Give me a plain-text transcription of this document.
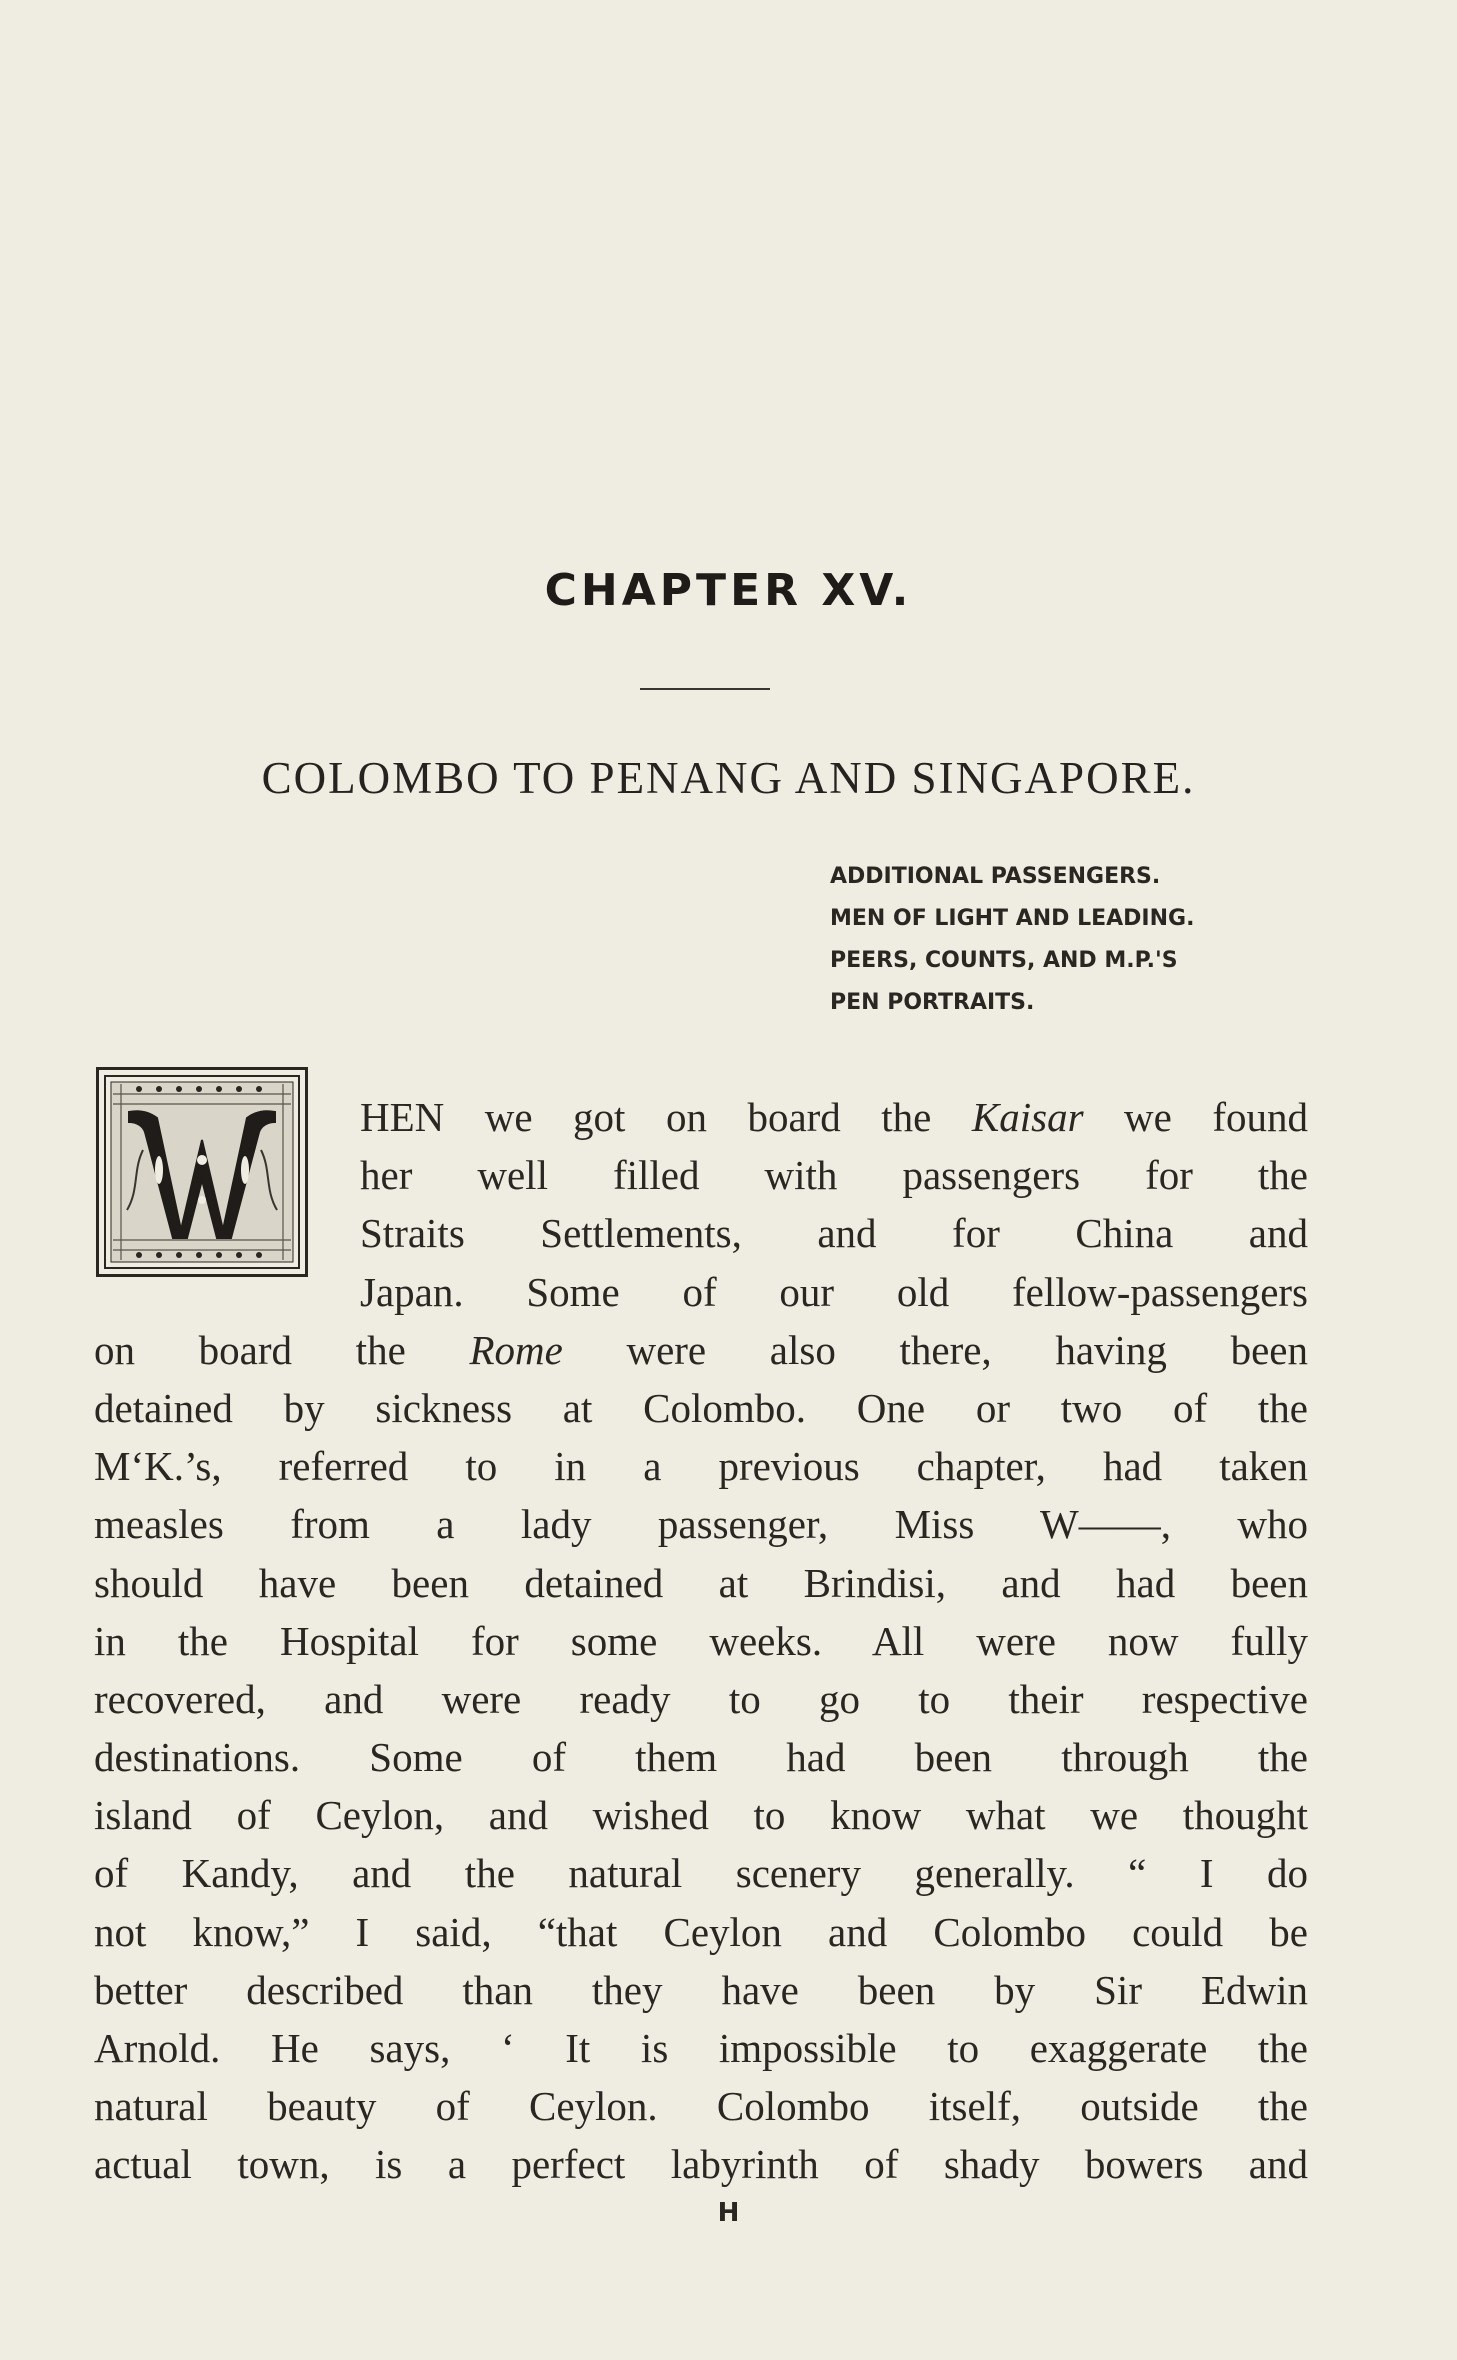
CHAPTER XV.
COLOMBO TO PENANG AND SINGAPORE.
ADDITIONAL PASSENGERS.
MEN OF LIGHT AND LEADING.
PEERS, COUNTS, AND M.P.'S
PEN PORTRAITS.
HEN we got on board the Kaisar we found
her well filled with passengers for the
Straits Settlements, and for China and
Japan. Some of our old fellow-passengers
on board the Rome were also there, having been
detained by sickness at Colombo. One or two of the
M‘K.’s, referred to in a previous chapter, had taken
measles from a lady passenger, Miss W——, who
should have been detained at Brindisi, and had been
in the Hospital for some weeks. All were now fully
recovered, and were ready to go to their respective
destinations. Some of them had been through the
island of Ceylon, and wished to know what we thought
of Kandy, and the natural scenery generally. “ I do
not know,” I said, “that Ceylon and Colombo could be
better described than they have been by Sir Edwin
Arnold. He says, ‘ It is impossible to exaggerate the
natural beauty of Ceylon. Colombo itself, outside the
actual town, is a perfect labyrinth of shady bowers and
H
